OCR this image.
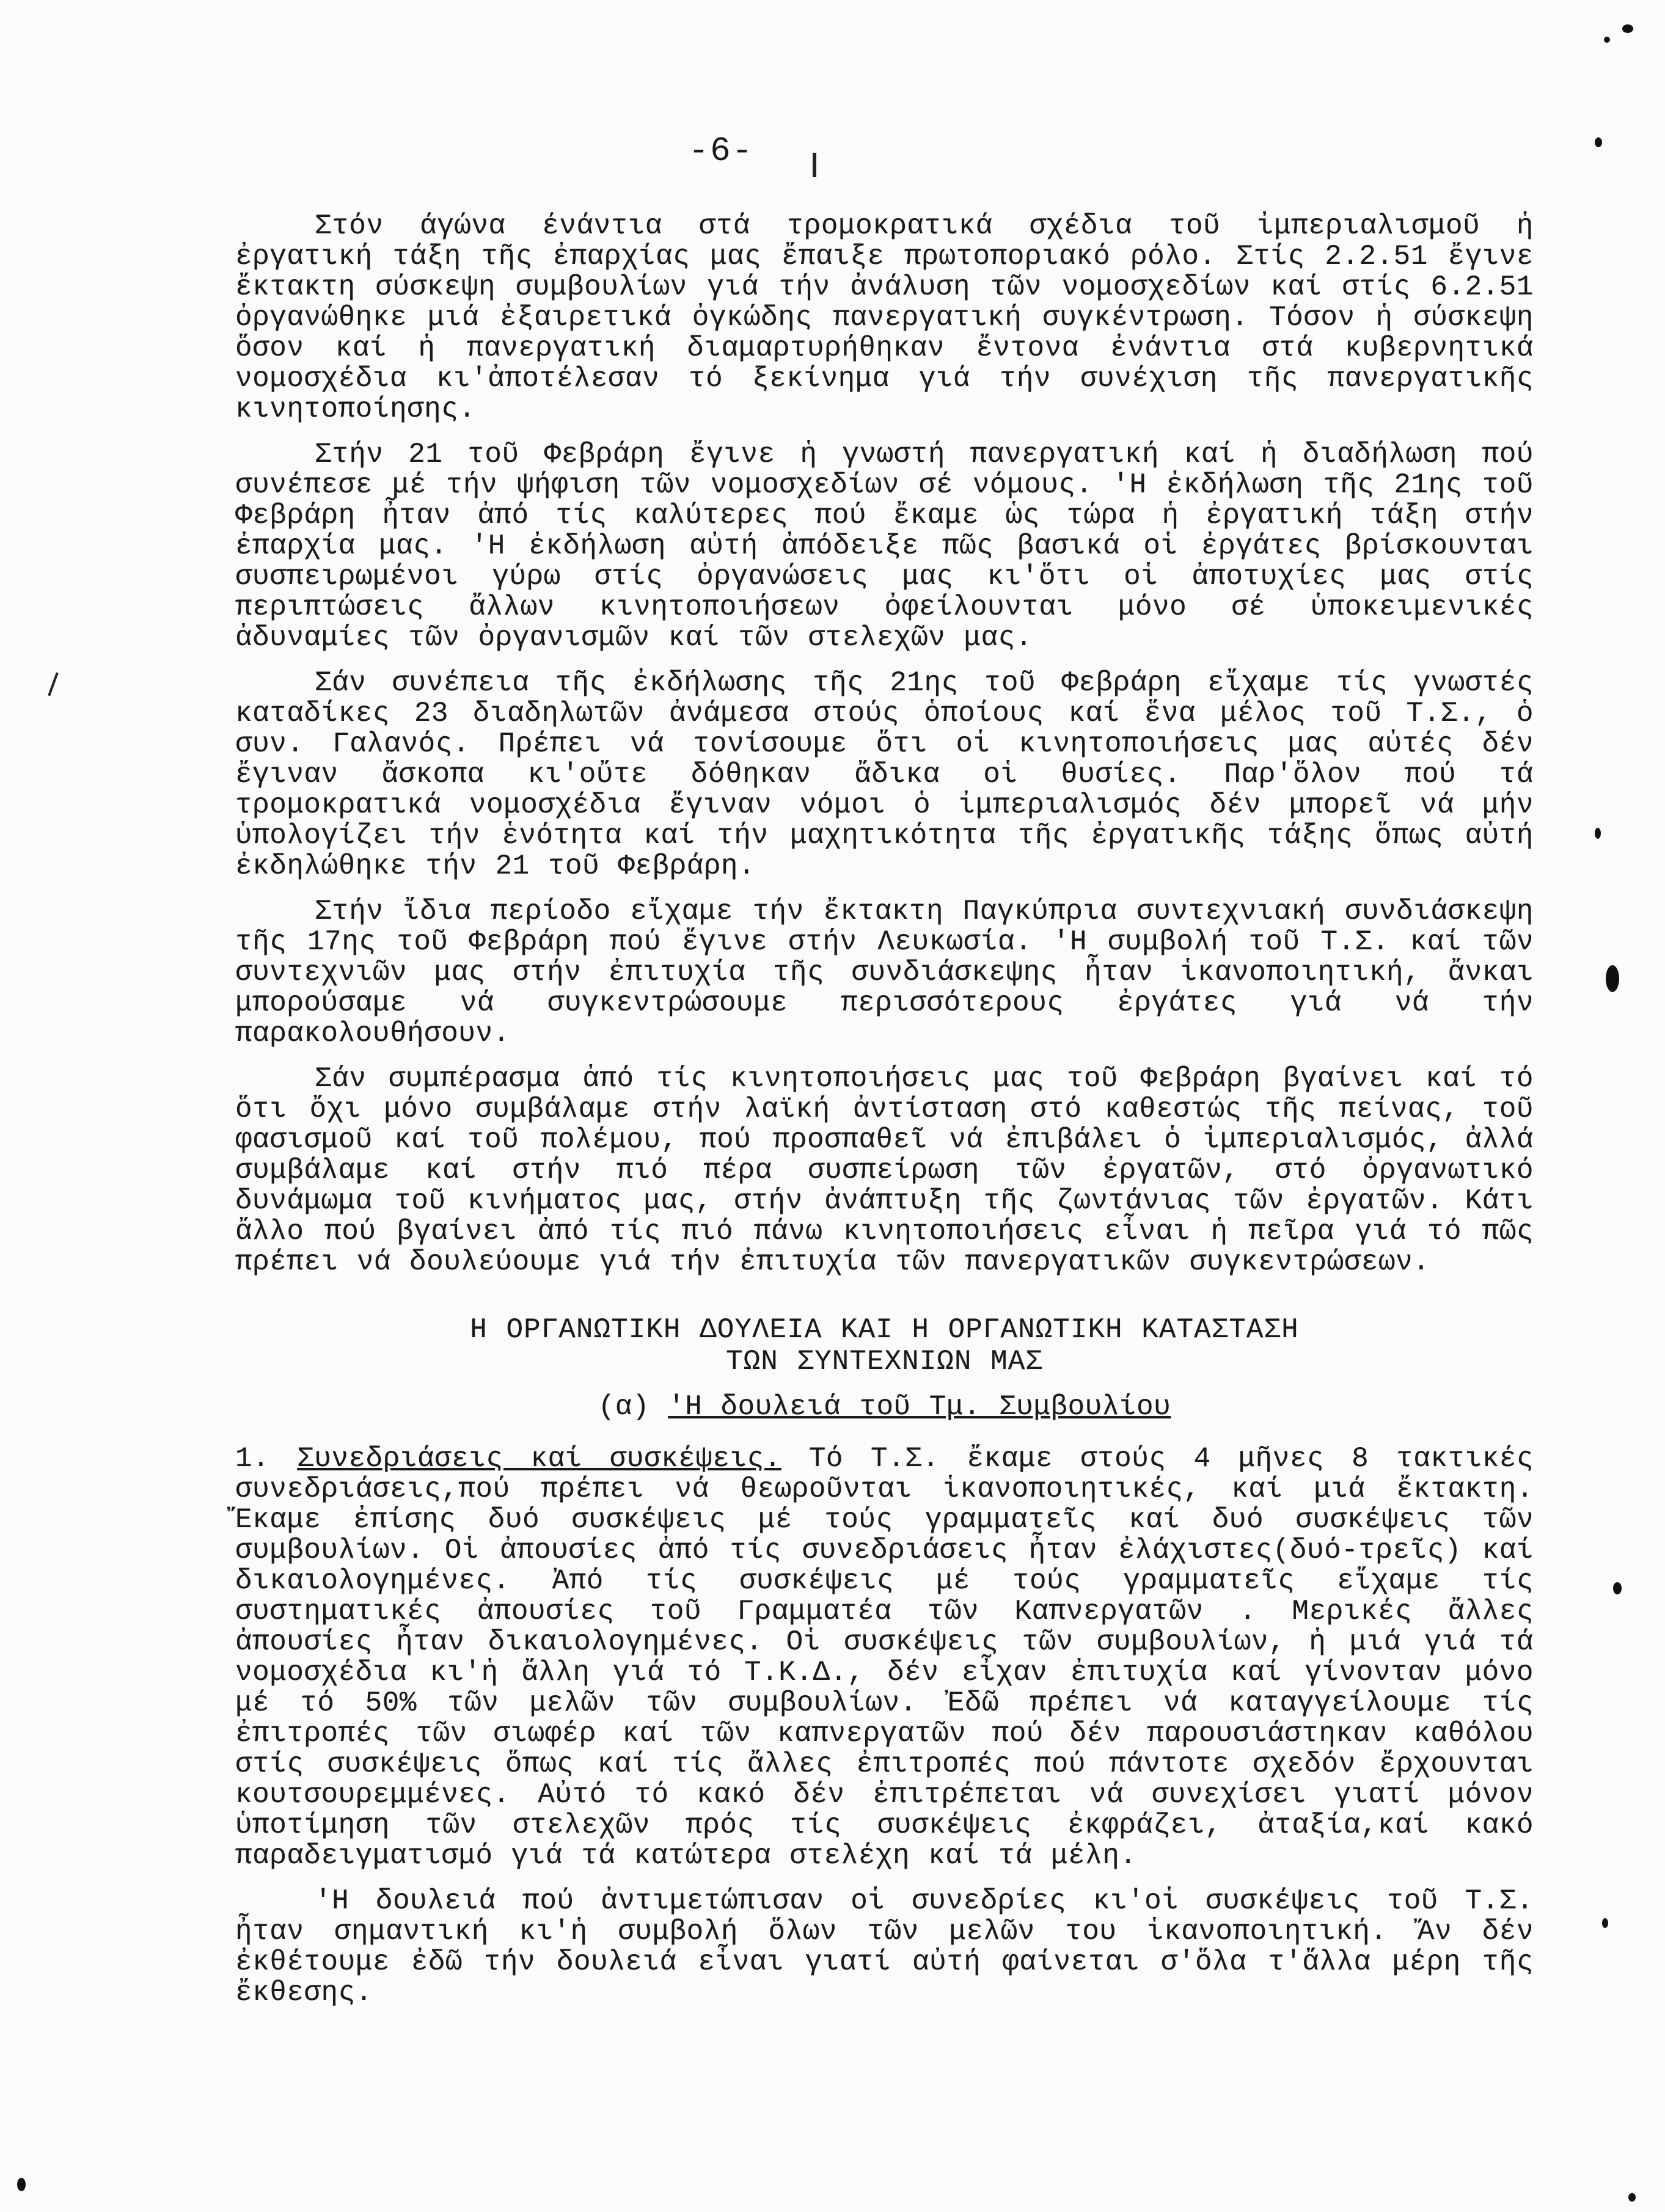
-6-

Στόν άγώνα ένάντια στά τρομοκρατικά σχέδια τοῦ ἰμπεριαλισμοῦ ἡ ἐργατική τάξη τῆς ἐπαρχίας μας ἔπαιξε πρωτοποριακό ρόλο. Στίς 2.2.51 ἔγινε ἔκτακτη σύσκεψη συμβουλίων γιά τήν ἀνάλυση τῶν νομοσχεδίων καί στίς 6.2.51 ὀργανώθηκε μιά ἐξαιρετικά ὀγκώδης πανεργατική συγκέντρωση. Τόσον ἡ σύσκεψη ὅσον καί ἡ πανεργατική διαμαρτυρήθηκαν ἔντονα ἐνάντια στά κυβερνητικά νομοσχέδια κι'ἀποτέλεσαν τό ξεκίνημα γιά τήν συνέχιση τῆς πανεργατικῆς κινητοποίησης.

Στήν 21 τοῦ Φεβράρη ἔγινε ἡ γνωστή πανεργατική καί ἡ διαδήλωση πού συνέπεσε μέ τήν ψήφιση τῶν νομοσχεδίων σέ νόμους. 'Η ἐκδήλωση τῆς 21ης τοῦ Φεβράρη ἦταν ἀπό τίς καλύτερες πού ἔκαμε ὡς τώρα ἡ ἐργατική τάξη στήν ἐπαρχία μας. 'Η ἐκδήλωση αὐτή ἀπόδειξε πῶς βασικά οἱ ἐργάτες βρίσκουνται συσπειρωμένοι γύρω στίς ὀργανώσεις μας κι'ὅτι οἱ ἀποτυχίες μας στίς περιπτώσεις ἄλλων κινητοποιήσεων ὀφείλουνται μόνο σέ ὑποκειμενικές ἀδυναμίες τῶν ὀργανισμῶν καί τῶν στελεχῶν μας.

Σάν συνέπεια τῆς ἐκδήλωσης τῆς 21ης τοῦ Φεβράρη εἴχαμε τίς γνωστές καταδίκες 23 διαδηλωτῶν ἀνάμεσα στούς ὁποίους καί ἕνα μέλος τοῦ Τ.Σ., ὁ συν. Γαλανός. Πρέπει νά τονίσουμε ὅτι οἱ κινητοποιήσεις μας αὐτές δέν ἔγιναν ἄσκοπα κι'οὔτε δόθηκαν ἄδικα οἱ θυσίες. Παρ'ὅλον πού τά τρομοκρατικά νομοσχέδια ἔγιναν νόμοι ὁ ἰμπεριαλισμός δέν μπορεῖ νά μήν ὑπολογίζει τήν ἑνότητα καί τήν μαχητικότητα τῆς ἐργατικῆς τάξης ὅπως αὐτή ἐκδηλώθηκε τήν 21 τοῦ Φεβράρη.

Στήν ἴδια περίοδο εἴχαμε τήν ἔκτακτη Παγκύπρια συντεχνιακή συνδιάσκεψη τῆς 17ης τοῦ Φεβράρη πού ἔγινε στήν Λευκωσία. 'Η συμβολή τοῦ Τ.Σ. καί τῶν συντεχνιῶν μας στήν ἐπιτυχία τῆς συνδιάσκεψης ἦταν ἱκανοποιητική, ἄνκαι μπορούσαμε νά συγκεντρώσουμε περισσότερους ἐργάτες γιά νά τήν παρακολουθήσουν.

Σάν συμπέρασμα ἀπό τίς κινητοποιήσεις μας τοῦ Φεβράρη βγαίνει καί τό ὅτι ὄχι μόνο συμβάλαμε στήν λαϊκή ἀντίσταση στό καθεστώς τῆς πείνας, τοῦ φασισμοῦ καί τοῦ πολέμου, πού προσπαθεῖ νά ἐπιβάλει ὁ ἰμπεριαλισμός, ἀλλά συμβάλαμε καί στήν πιό πέρα συσπείρωση τῶν ἐργατῶν, στό ὀργανωτικό δυνάμωμα τοῦ κινήματος μας, στήν ἀνάπτυξη τῆς ζωντάνιας τῶν ἐργατῶν. Κάτι ἄλλο πού βγαίνει ἀπό τίς πιό πάνω κινητοποιήσεις εἶναι ἡ πεῖρα γιά τό πῶς πρέπει νά δουλεύουμε γιά τήν ἐπιτυχία τῶν πανεργατικῶν συγκεντρώσεων.

Η ΟΡΓΑΝΩΤΙΚΗ ΔΟΥΛΕΙΑ ΚΑΙ Η ΟΡΓΑΝΩΤΙΚΗ ΚΑΤΑΣΤΑΣΗ
ΤΩΝ ΣΥΝΤΕΧΝΙΩΝ ΜΑΣ
(α) 'Η δουλειά τοῦ Τμ. Συμβουλίου

1. Συνεδριάσεις καί συσκέψεις. Τό Τ.Σ. ἔκαμε στούς 4 μῆνες 8 τακτικές συνεδριάσεις,πού πρέπει νά θεωροῦνται ἱκανοποιητικές, καί μιά ἔκτακτη. Ἔκαμε ἐπίσης δυό συσκέψεις μέ τούς γραμματεῖς καί δυό συσκέψεις τῶν συμβουλίων. Οἱ ἀπουσίες ἀπό τίς συνεδριάσεις ἦταν ἐλάχιστες(δυό-τρεῖς) καί δικαιολογημένες. Ἀπό τίς συσκέψεις μέ τούς γραμματεῖς εἴχαμε τίς συστηματικές ἀπουσίες τοῦ Γραμματέα τῶν Καπνεργατῶν . Μερικές ἄλλες ἀπουσίες ἦταν δικαιολογημένες. Οἱ συσκέψεις τῶν συμβουλίων, ἡ μιά γιά τά νομοσχέδια κι'ἡ ἄλλη γιά τό Τ.Κ.Δ., δέν εἶχαν ἐπιτυχία καί γίνονταν μόνο μέ τό 50% τῶν μελῶν τῶν συμβουλίων. Ἐδῶ πρέπει νά καταγγείλουμε τίς ἐπιτροπές τῶν σιωφέρ καί τῶν καπνεργατῶν πού δέν παρουσιάστηκαν καθόλου στίς συσκέψεις ὅπως καί τίς ἄλλες ἐπιτροπές πού πάντοτε σχεδόν ἔρχουνται κουτσουρεμμένες. Αὐτό τό κακό δέν ἐπιτρέπεται νά συνεχίσει γιατί μόνον ὑποτίμηση τῶν στελεχῶν πρός τίς συσκέψεις ἐκφράζει, ἀταξία,καί κακό παραδειγματισμό γιά τά κατώτερα στελέχη καί τά μέλη.

'Η δουλειά πού ἀντιμετώπισαν οἱ συνεδρίες κι'οἱ συσκέψεις τοῦ Τ.Σ. ἦταν σημαντική κι'ἡ συμβολή ὅλων τῶν μελῶν του ἱκανοποιητική. Ἄν δέν ἐκθέτουμε ἐδῶ τήν δουλειά εἶναι γιατί αὐτή φαίνεται σ'ὅλα τ'ἄλλα μέρη τῆς ἔκθεσης.
